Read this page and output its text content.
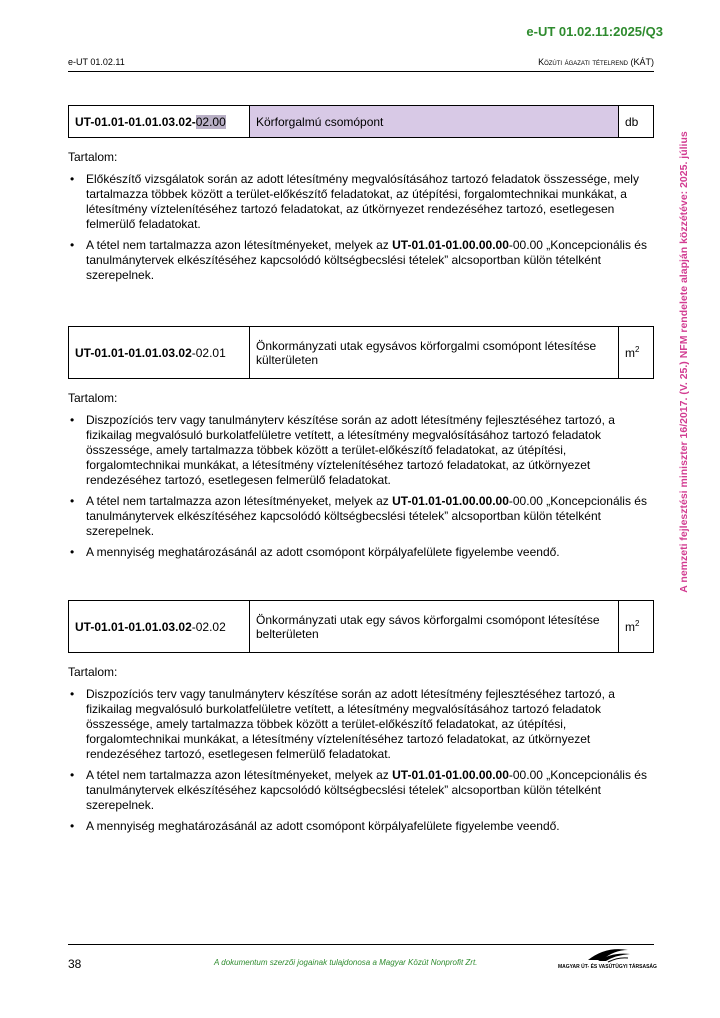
e-UT 01.02.11:2025/Q3
e-UT 01.02.11	Közúti ágazati tételrend (KÁT)
A nemzeti fejlesztési miniszter 16/2017. (V. 25.) NFM rendelete alapján közzétéve: 2025. július
UT-01.01-01.01.03.02-02.00	Körforgalmú csomópont	db
Tartalom:
• Előkészítő vizsgálatok során az adott létesítmény megvalósításához tartozó feladatok összessége, mely tartalmazza többek között a terület-előkészítő feladatokat, az útépítési, forgalomtechnikai munkákat, a létesítmény víztelenítéséhez tartozó feladatokat, az útkörnyezet rendezéséhez tartozó, esetlegesen felmerülő feladatokat.
• A tétel nem tartalmazza azon létesítményeket, melyek az UT-01.01-01.00.00.00-00.00 „Koncepcionális és tanulmánytervek elkészítéséhez kapcsolódó költségbecslési tételek” alcsoportban külön tételként szerepelnek.
UT-01.01-01.01.03.02-02.01	Önkormányzati utak egysávos körforgalmi csomópont létesítése külterületen	$m^2$
Tartalom:
• Diszpozíciós terv vagy tanulmányterv készítése során az adott létesítmény fejlesztéséhez tartozó, a fizikailag megvalósuló burkolatfelületre vetített, a létesítmény megvalósításához tartozó feladatok összessége, amely tartalmazza többek között a terület-előkészítő feladatokat, az útépítési, forgalomtechnikai munkákat, a létesítmény víztelenítéséhez tartozó feladatokat, az útkörnyezet rendezéséhez tartozó, esetlegesen felmerülő feladatokat.
• A tétel nem tartalmazza azon létesítményeket, melyek az UT-01.01-01.00.00.00-00.00 „Koncepcionális és tanulmánytervek elkészítéséhez kapcsolódó költségbecslési tételek” alcsoportban külön tételként szerepelnek.
• A mennyiség meghatározásánál az adott csomópont körpályafelülete figyelembe veendő.
UT-01.01-01.01.03.02-02.02	Önkormányzati utak egy sávos körforgalmi csomópont létesítése belterületen	$m^2$
Tartalom:
• Diszpozíciós terv vagy tanulmányterv készítése során az adott létesítmény fejlesztéséhez tartozó, a fizikailag megvalósuló burkolatfelületre vetített, a létesítmény megvalósításához tartozó feladatok összessége, amely tartalmazza többek között a terület-előkészítő feladatokat, az útépítési, forgalomtechnikai munkákat, a létesítmény víztelenítéséhez tartozó feladatokat, az útkörnyezet rendezéséhez tartozó, esetlegesen felmerülő feladatokat.
• A tétel nem tartalmazza azon létesítményeket, melyek az UT-01.01-01.00.00.00-00.00 „Koncepcionális és tanulmánytervek elkészítéséhez kapcsolódó költségbecslési tételek” alcsoportban külön tételként szerepelnek.
• A mennyiség meghatározásánál az adott csomópont körpályafelülete figyelembe veendő.
38	A dokumentum szerzői jogainak tulajdonosa a Magyar Közút Nonprofit Zrt.	MAGYAR ÚT- ÉS VASÚTÜGYI TÁRSASÁG
